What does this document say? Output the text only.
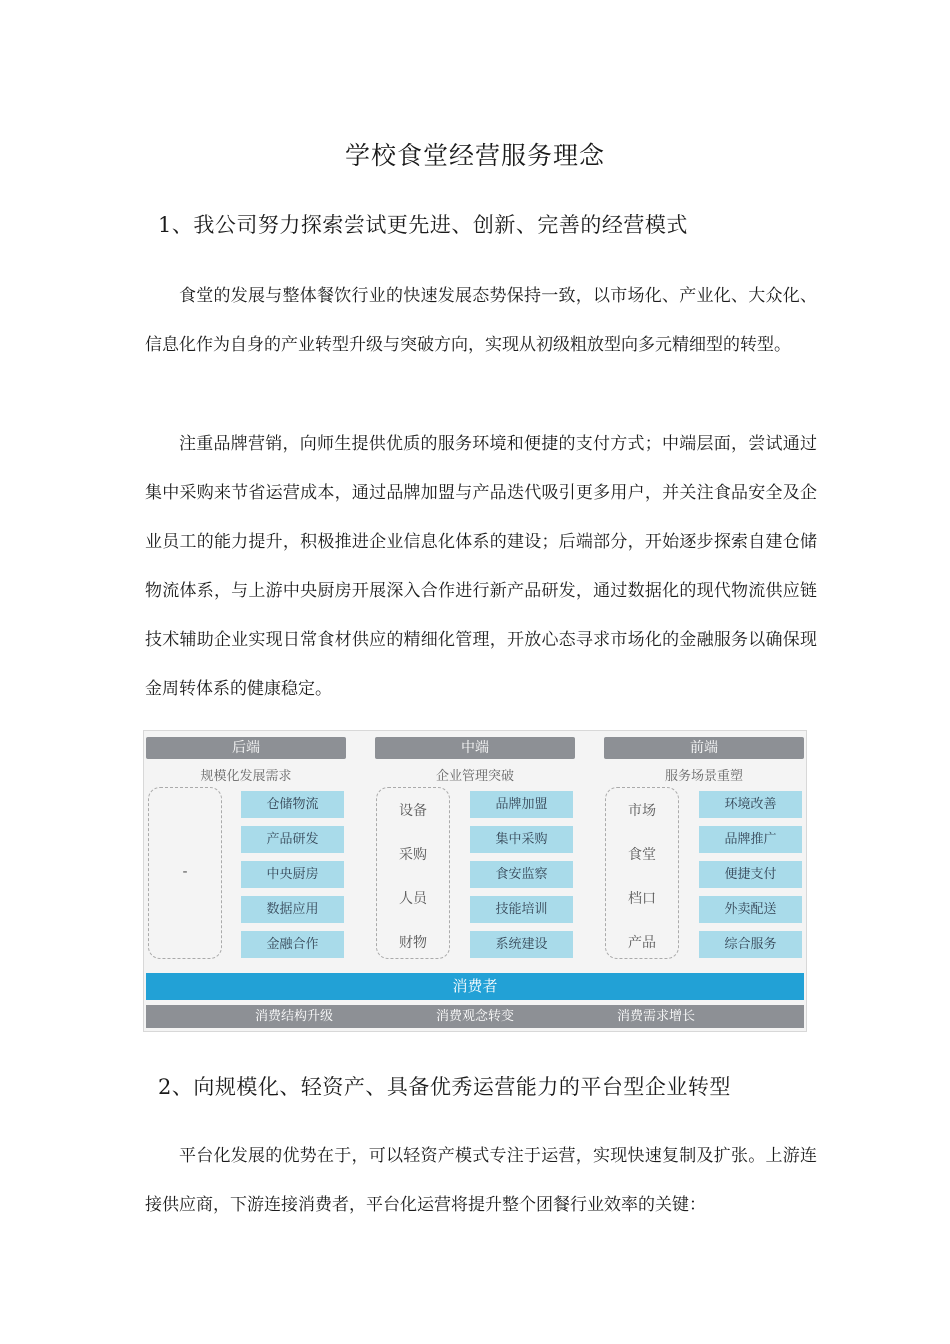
学校食堂经营服务理念
1、我公司努力探索尝试更先进、创新、完善的经营模式
食堂的发展与整体餐饮行业的快速发展态势保持一致，以市场化、产业化、大众化、信息化作为自身的产业转型升级与突破方向，实现从初级粗放型向多元精细型的转型。
注重品牌营销，向师生提供优质的服务环境和便捷的支付方式；中端层面，尝试通过集中采购来节省运营成本，通过品牌加盟与产品迭代吸引更多用户，并关注食品安全及企业员工的能力提升，积极推进企业信息化体系的建设；后端部分，开始逐步探索自建仓储物流体系，与上游中央厨房开展深入合作进行新产品研发，通过数据化的现代物流供应链技术辅助企业实现日常食材供应的精细化管理，开放心态寻求市场化的金融服务以确保现金周转体系的健康稳定。
后端
规模化发展需求
-
仓储物流
产品研发
中央厨房
数据应用
金融合作
中端
企业管理突破
设备
采购
人员
财物
品牌加盟
集中采购
食安监察
技能培训
系统建设
前端
服务场景重塑
市场
食堂
档口
产品
环境改善
品牌推广
便捷支付
外卖配送
综合服务
消费者
消费结构升级	消费观念转变	消费需求增长
2、向规模化、轻资产、具备优秀运营能力的平台型企业转型
平台化发展的优势在于，可以轻资产模式专注于运营，实现快速复制及扩张。上游连接供应商，下游连接消费者，平台化运营将提升整个团餐行业效率的关键：
